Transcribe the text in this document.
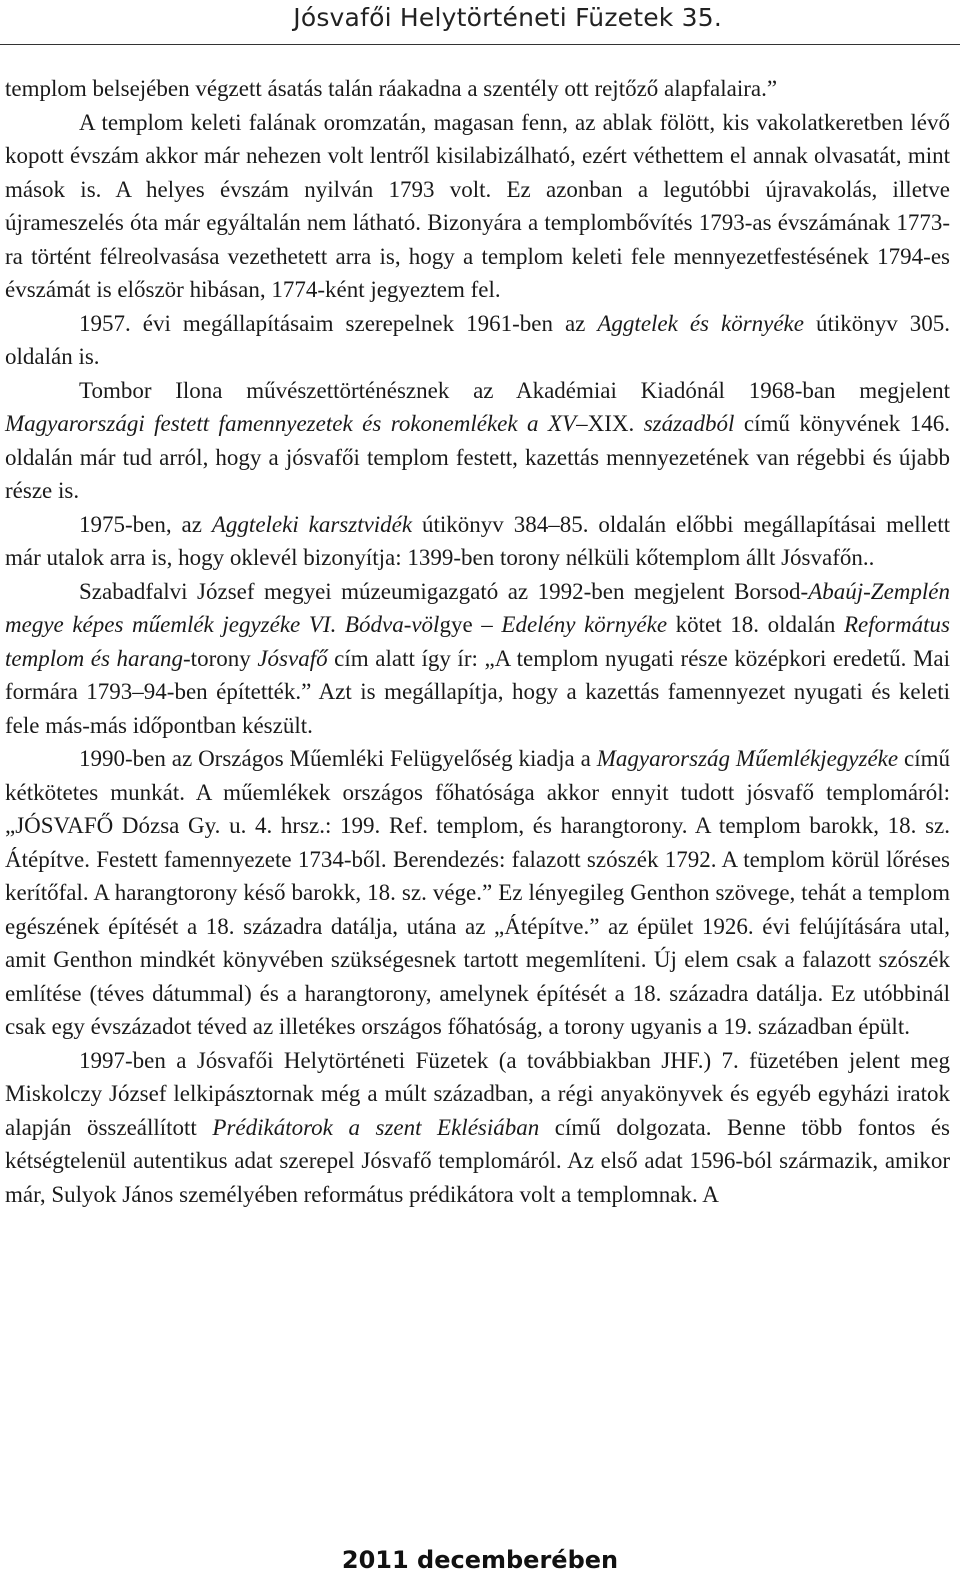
Jósvafői Helytörténeti Füzetek 35.

templom belsejében végzett ásatás talán ráakadna a szentély ott rejtőző alapfalaira.”

A templom keleti falának oromzatán, magasan fenn, az ablak fölött, kis vakolatkeretben lévő kopott évszám akkor már nehezen volt lentről kisilabizálható, ezért véthettem el annak olvasatát, mint mások is. A helyes évszám nyilván 1793 volt. Ez azonban a legutóbbi újravakolás, illetve újrameszelés óta már egyáltalán nem látható. Bizonyára a templombővítés 1793-as évszámának 1773-ra történt félreolvasása vezethetett arra is, hogy a templom keleti fele mennyezetfestésének 1794-es évszámát is először hibásan, 1774-ként jegyeztem fel.

1957. évi megállapításaim szerepelnek 1961-ben az Aggtelek és környéke útikönyv 305. oldalán is.

Tombor Ilona művészettörténésznek az Akadémiai Kiadónál 1968-ban megjelent Magyarországi festett famennyezetek és rokonemlékek a XV–XIX. századból című könyvének 146. oldalán már tud arról, hogy a jósvafői templom festett, kazettás mennyezetének van régebbi és újabb része is.

1975-ben, az Aggteleki karsztvidék útikönyv 384–85. oldalán előbbi megállapításai mellett már utalok arra is, hogy oklevél bizonyítja: 1399-ben torony nélküli kőtemplom állt Jósvafőn..

Szabadfalvi József megyei múzeumigazgató az 1992-ben megjelent Borsod-Abaúj-Zemplén megye képes műemlék jegyzéke VI. Bódva-völgye – Edelény környéke kötet 18. oldalán Református templom és harang-torony Jósvafő cím alatt így ír: „A templom nyugati része középkori eredetű. Mai formára 1793–94-ben építették.” Azt is megállapítja, hogy a kazettás famennyezet nyugati és keleti fele más-más időpontban készült.

1990-ben az Országos Műemléki Felügyelőség kiadja a Magyarország Műemlékjegyzéke című kétkötetes munkát. A műemlékek országos főhatósága akkor ennyit tudott jósvafő templomáról: „JÓSVAFŐ Dózsa Gy. u. 4. hrsz.: 199. Ref. templom, és harangtorony. A templom barokk, 18. sz. Átépítve. Festett famennyezete 1734-ből. Berendezés: falazott szószék 1792. A templom körül lőréses kerítőfal. A harangtorony késő barokk, 18. sz. vége.” Ez lényegileg Genthon szövege, tehát a templom egészének építését a 18. századra datálja, utána az „Átépítve.” az épület 1926. évi felújítására utal, amit Genthon mindkét könyvében szükségesnek tartott megemlíteni. Új elem csak a falazott szószék említése (téves dátummal) és a harangtorony, amelynek építését a 18. századra datálja. Ez utóbbinál csak egy évszázadot téved az illetékes országos főhatóság, a torony ugyanis a 19. században épült.

1997-ben a Jósvafői Helytörténeti Füzetek (a továbbiakban JHF.) 7. füzetében jelent meg Miskolczy József lelkipásztornak még a múlt században, a régi anyakönyvek és egyéb egyházi iratok alapján összeállított Prédikátorok a szent Eklésiában című dolgozata. Benne több fontos és kétségtelenül autentikus adat szerepel Jósvafő templomáról. Az első adat 1596-ból származik, amikor már, Sulyok János személyében református prédikátora volt a templomnak. A

2011 decemberében
